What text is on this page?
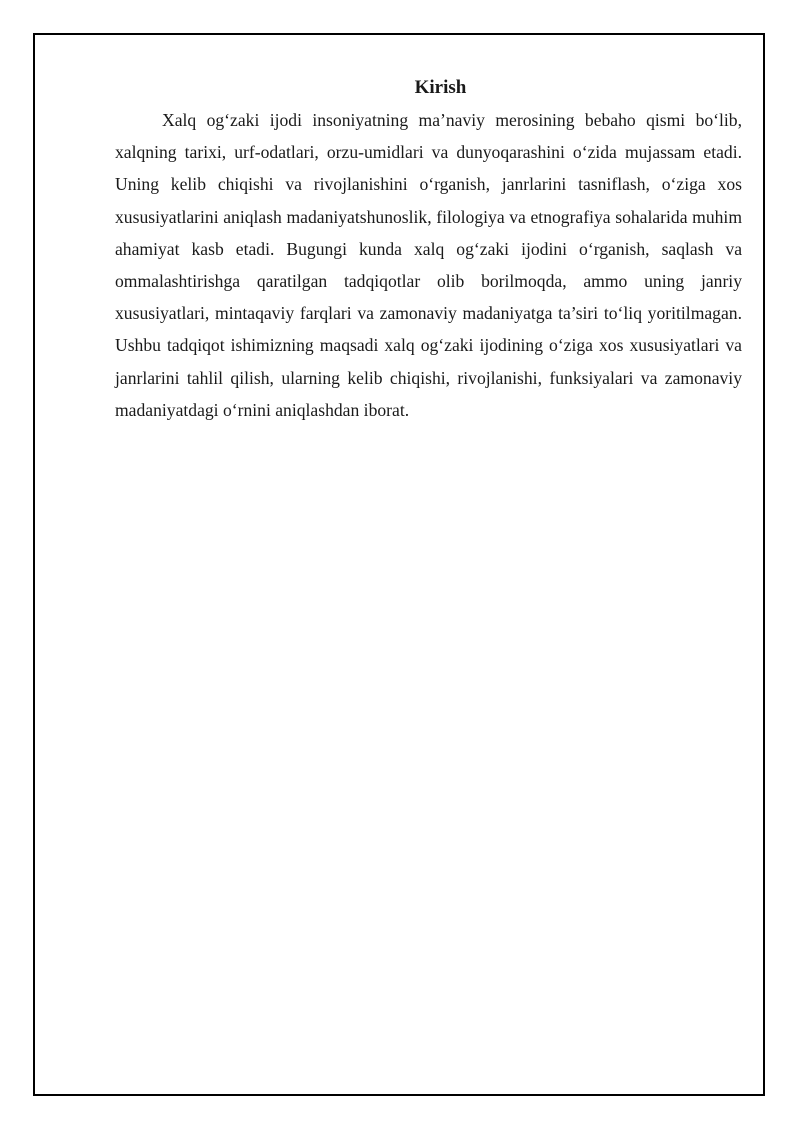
Kirish

Xalq og‘zaki ijodi insoniyatning ma’naviy merosining bebaho qismi bo‘lib, xalqning tarixi, urf-odatlari, orzu-umidlari va dunyoqarashini o‘zida mujassam etadi. Uning kelib chiqishi va rivojlanishini o‘rganish, janrlarini tasniflash, o‘ziga xos xususiyatlarini aniqlash madaniyatshunoslik, filologiya va etnografiya sohalarida muhim ahamiyat kasb etadi. Bugungi kunda xalq og‘zaki ijodini o‘rganish, saqlash va ommalashtirishga qaratilgan tadqiqotlar olib borilmoqda, ammo uning janriy xususiyatlari, mintaqaviy farqlari va zamonaviy madaniyatga ta’siri to‘liq yoritilmagan. Ushbu tadqiqot ishimizning maqsadi xalq og‘zaki ijodining o‘ziga xos xususiyatlari va janrlarini tahlil qilish, ularning kelib chiqishi, rivojlanishi, funksiyalari va zamonaviy madaniyatdagi o‘rnini aniqlashdan iborat.
